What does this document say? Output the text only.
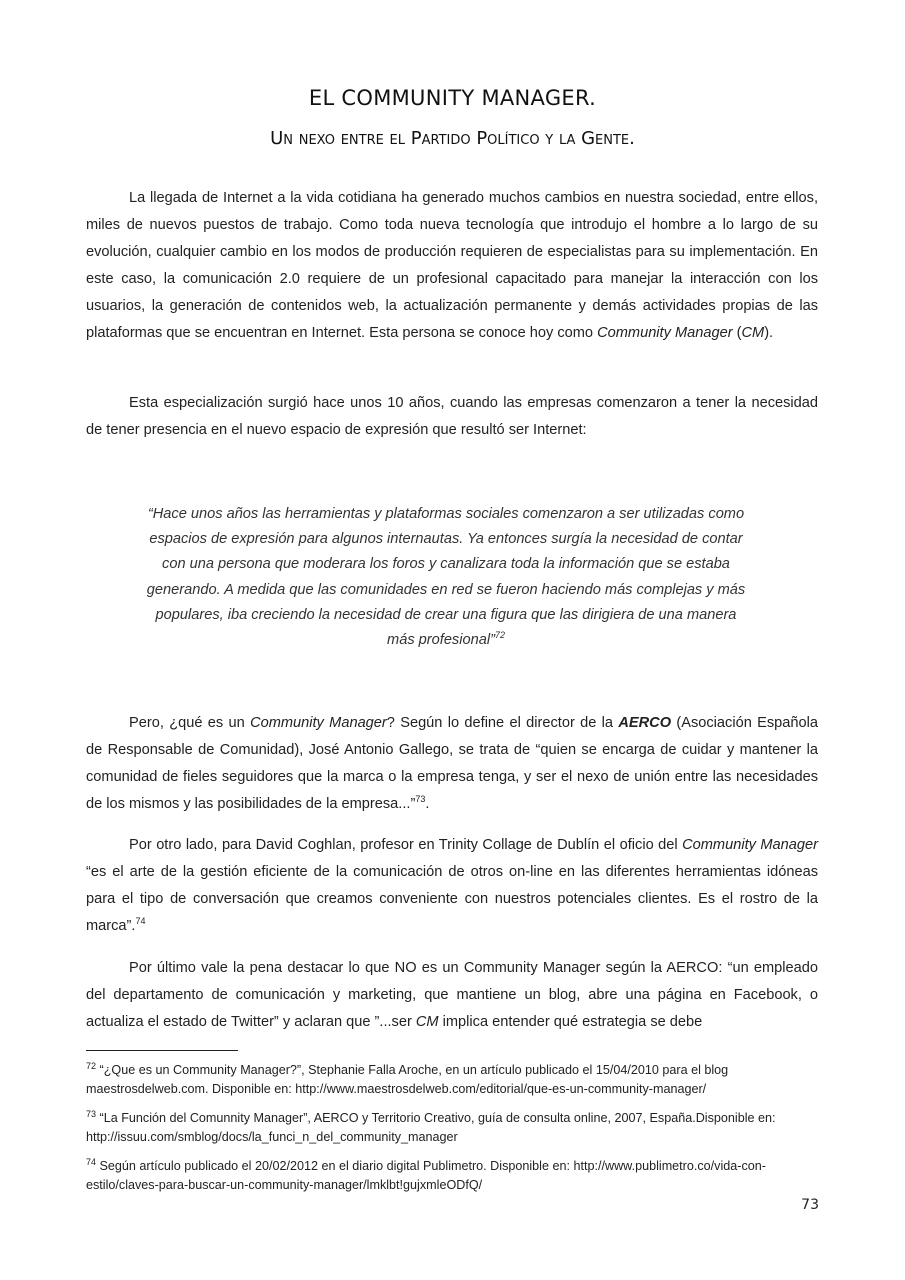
EL COMMUNITY MANAGER.
Un nexo entre el Partido Político y la Gente.

La llegada de Internet a la vida cotidiana ha generado muchos cambios en nuestra sociedad, entre ellos, miles de nuevos puestos de trabajo. Como toda nueva tecnología que introdujo el hombre a lo largo de su evolución, cualquier cambio en los modos de producción requieren de especialistas para su implementación. En este caso, la comunicación 2.0 requiere de un profesional capacitado para manejar la interacción con los usuarios, la generación de contenidos web, la actualización permanente y demás actividades propias de las plataformas que se encuentran en Internet. Esta persona se conoce hoy como Community Manager (CM).

Esta especialización surgió hace unos 10 años, cuando las empresas comenzaron a tener la necesidad de tener presencia en el nuevo espacio de expresión que resultó ser Internet:

“Hace unos años las herramientas y plataformas sociales comenzaron a ser utilizadas como espacios de expresión para algunos internautas. Ya entonces surgía la necesidad de contar con una persona que moderara los foros y canalizara toda la información que se estaba generando. A medida que las comunidades en red se fueron haciendo más complejas y más populares, iba creciendo la necesidad de crear una figura que las dirigiera de una manera más profesional”$^{72}$

Pero, ¿qué es un Community Manager? Según lo define el director de la AERCO (Asociación Española de Responsable de Comunidad), José Antonio Gallego, se trata de “quien se encarga de cuidar y mantener la comunidad de fieles seguidores que la marca o la empresa tenga, y ser el nexo de unión entre las necesidades de los mismos y las posibilidades de la empresa...”$^{73}$.

Por otro lado, para David Coghlan, profesor en Trinity Collage de Dublín el oficio del Community Manager “es el arte de la gestión eficiente de la comunicación de otros on-line en las diferentes herramientas idóneas para el tipo de conversación que creamos conveniente con nuestros potenciales clientes. Es el rostro de la marca”.$^{74}$

Por último vale la pena destacar lo que NO es un Community Manager según la AERCO: “un empleado del departamento de comunicación y marketing, que mantiene un blog, abre una página en Facebook, o actualiza el estado de Twitter” y aclaran que ”...ser CM implica entender qué estrategia se debe

$^{72}$ “¿Que es un Community Manager?”, Stephanie Falla Aroche, en un artículo publicado el 15/04/2010 para el blog maestrosdelweb.com. Disponible en: http://www.maestrosdelweb.com/editorial/que-es-un-community-manager/

$^{73}$ “La Función del Comunnity Manager”, AERCO y Territorio Creativo, guía de consulta online, 2007, España.Disponible en: http://issuu.com/smblog/docs/la_funci_n_del_community_manager

$^{74}$ Según artículo publicado el 20/02/2012 en el diario digital Publimetro. Disponible en: http://www.publimetro.co/vida-con-estilo/claves-para-buscar-un-community-manager/lmklbt!gujxmleODfQ/

73
